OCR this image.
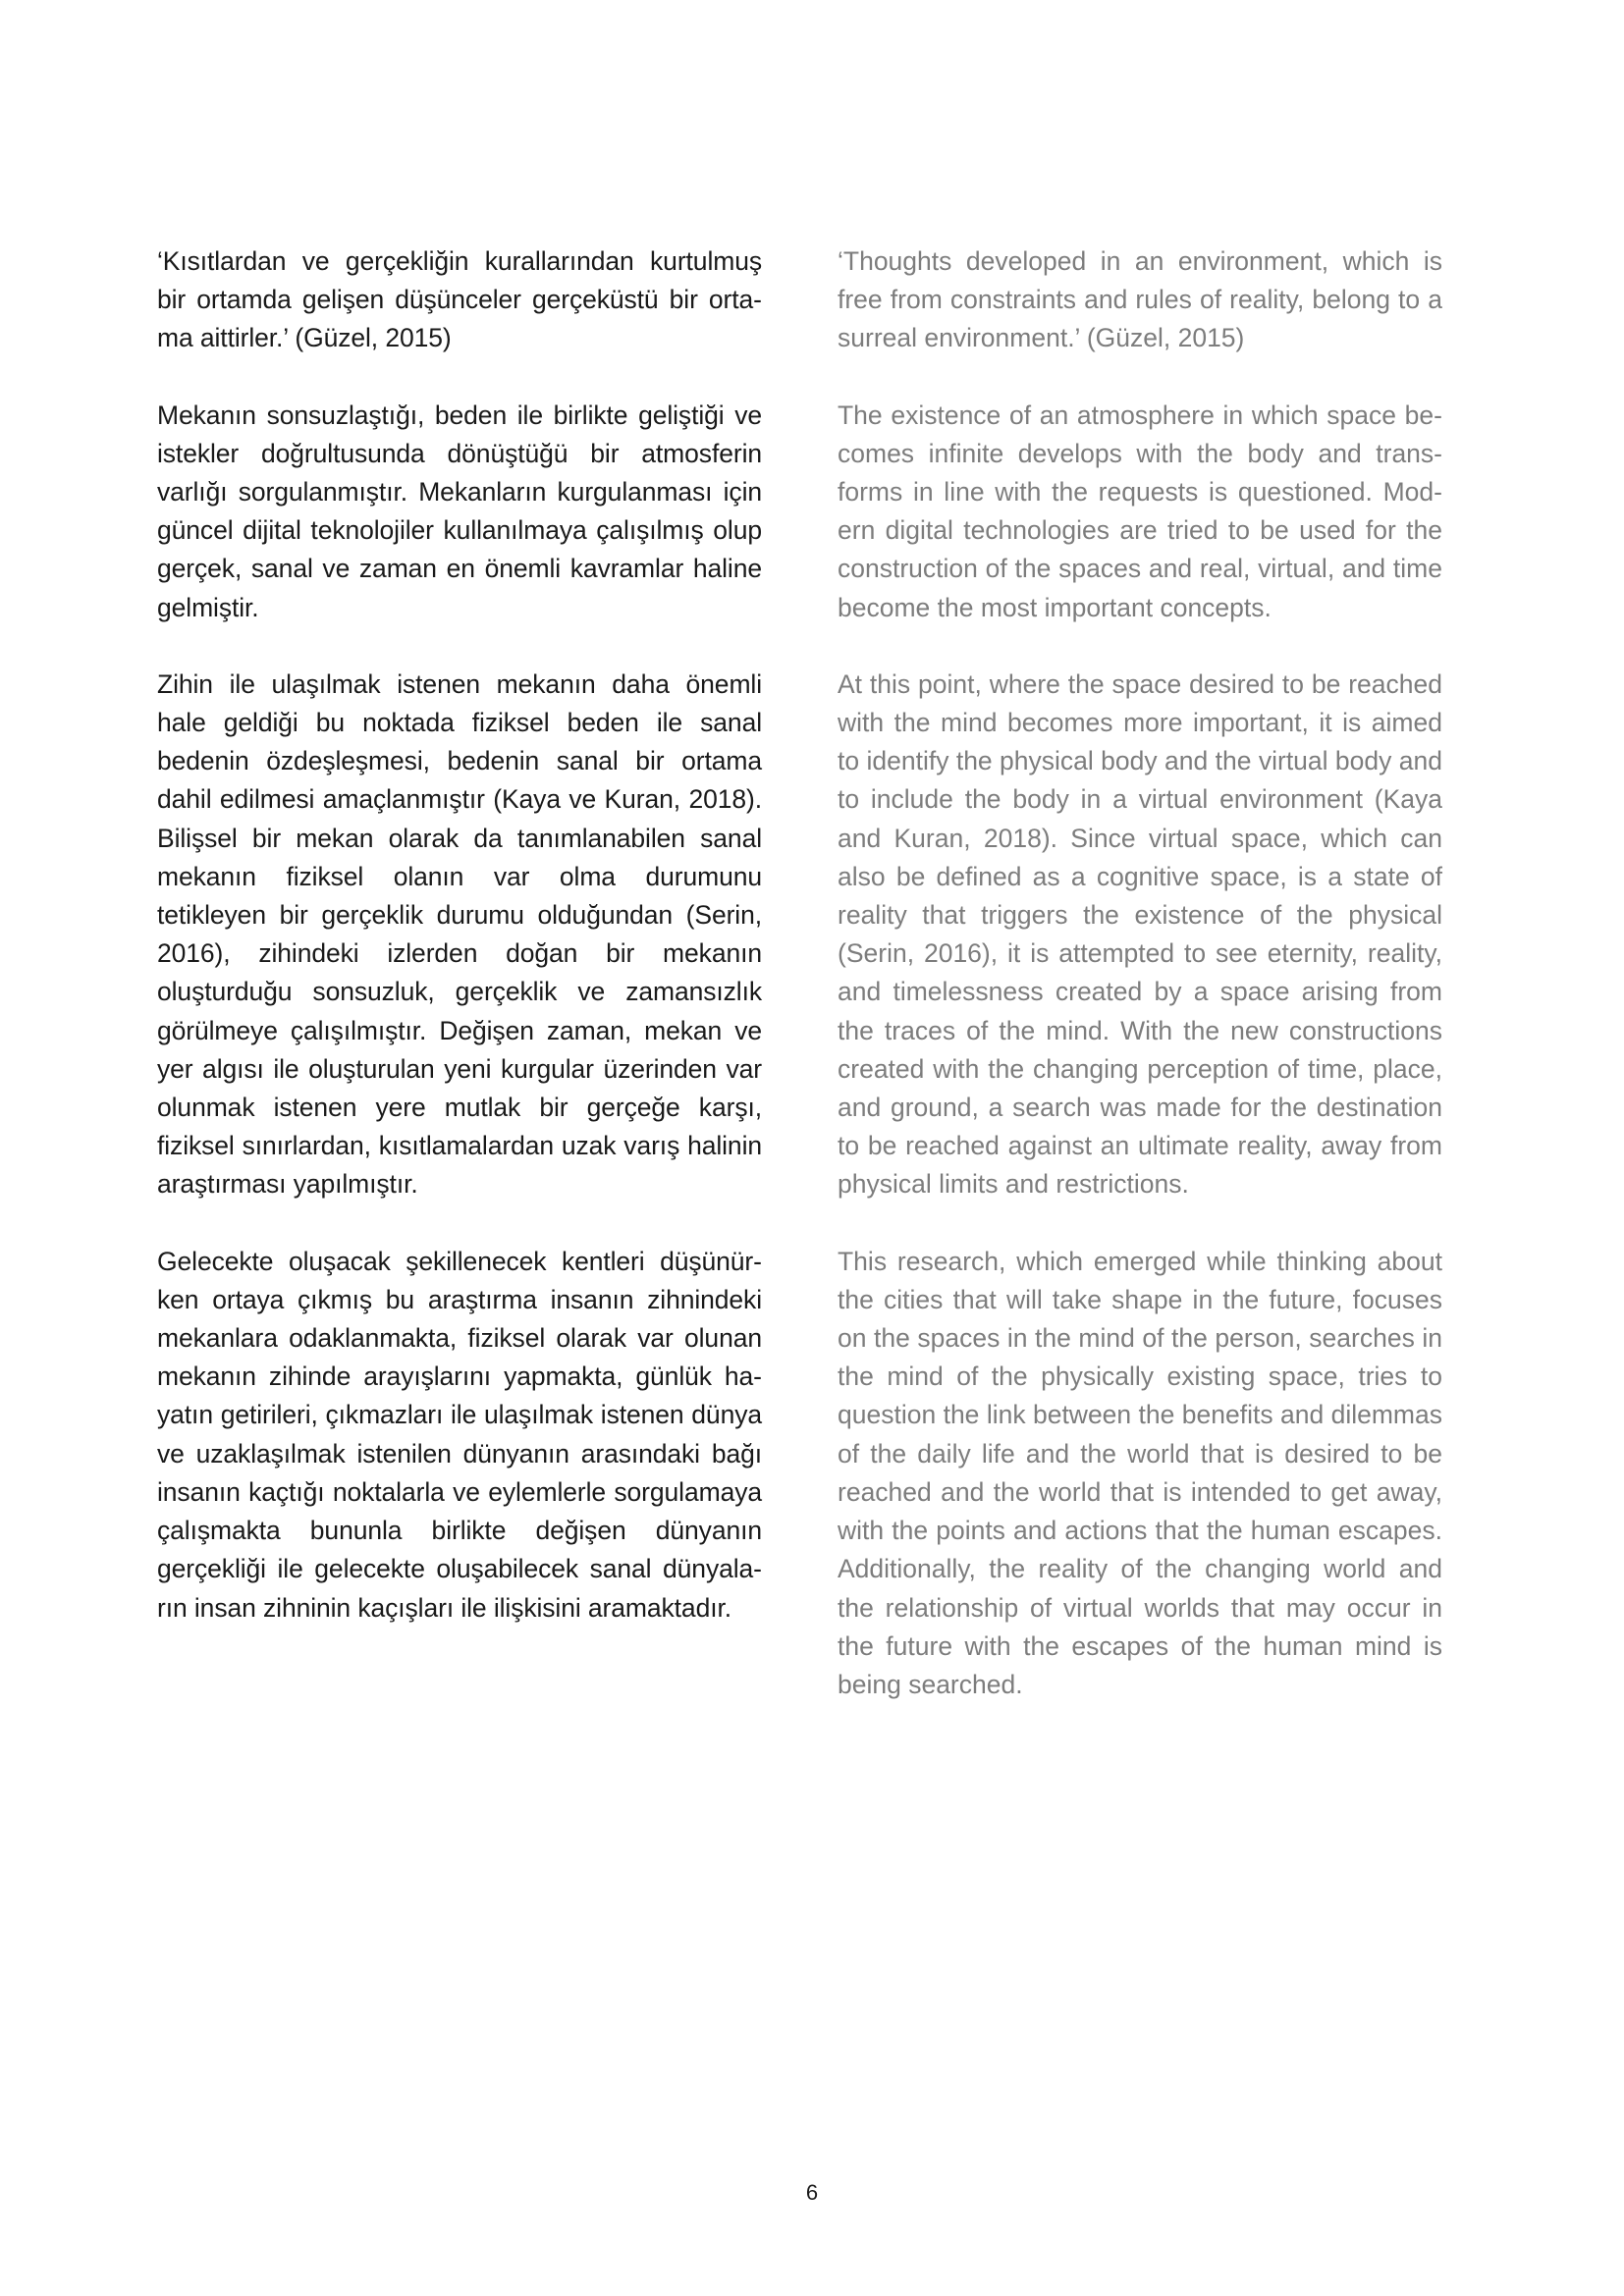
‘Kısıtlardan ve gerçekliğin kurallarından kurtulmuş bir ortamda gelişen düşünceler gerçeküstü bir ortama aittirler.’ (Güzel, 2015)

Mekanın sonsuzlaştığı, beden ile birlikte geliştiği ve istekler doğrultusunda dönüştüğü bir atmosferin varlığı sorgulanmıştır. Mekanların kurgulanması için güncel dijital teknolojiler kullanılmaya çalışılmış olup gerçek, sanal ve zaman en önemli kavramlar haline gelmiştir.

Zihin ile ulaşılmak istenen mekanın daha önemli hale geldiği bu noktada fiziksel beden ile sanal bedenin özdeşleşmesi, bedenin sanal bir ortama dahil edilmesi amaçlanmıştır (Kaya ve Kuran, 2018). Bilişsel bir mekan olarak da tanımlanabilen sanal mekanın fiziksel olanın var olma durumunu tetikleyen bir gerçeklik durumu olduğundan (Serin, 2016), zihindeki izlerden doğan bir mekanın oluşturduğu sonsuzluk, gerçeklik ve zamansızlık görülmeye çalışılmıştır. Değişen zaman, mekan ve yer algısı ile oluşturulan yeni kurgular üzerinden var olunmak istenen yere mutlak bir gerçeğe karşı, fiziksel sınırlardan, kısıtlamalardan uzak varış halinin araştırması yapılmıştır.

Gelecekte oluşacak şekillenecek kentleri düşünürken ortaya çıkmış bu araştırma insanın zihnindeki mekanlara odaklanmakta, fiziksel olarak var olunan mekanın zihinde arayışlarını yapmakta, günlük hayatın getirileri, çıkmazları ile ulaşılmak istenen dünya ve uzaklaşılmak istenilen dünyanın arasındaki bağı insanın kaçtığı noktalarla ve eylemlerle sorgulamaya çalışmakta bununla birlikte değişen dünyanın gerçekliği ile gelecekte oluşabilecek sanal dünyaların insan zihninin kaçışları ile ilişkisini aramaktadır.

‘Thoughts developed in an environment, which is free from constraints and rules of reality, belong to a surreal environment.’ (Güzel, 2015)

The existence of an atmosphere in which space becomes infinite develops with the body and transforms in line with the requests is questioned. Modern digital technologies are tried to be used for the construction of the spaces and real, virtual, and time become the most important concepts.

At this point, where the space desired to be reached with the mind becomes more important, it is aimed to identify the physical body and the virtual body and to include the body in a virtual environment (Kaya and Kuran, 2018). Since virtual space, which can also be defined as a cognitive space, is a state of reality that triggers the existence of the physical (Serin, 2016), it is attempted to see eternity, reality, and timelessness created by a space arising from the traces of the mind. With the new constructions created with the changing perception of time, place, and ground, a search was made for the destination to be reached against an ultimate reality, away from physical limits and restrictions.

This research, which emerged while thinking about the cities that will take shape in the future, focuses on the spaces in the mind of the person, searches in the mind of the physically existing space, tries to question the link between the benefits and dilemmas of the daily life and the world that is desired to be reached and the world that is intended to get away, with the points and actions that the human escapes. Additionally, the reality of the changing world and the relationship of virtual worlds that may occur in the future with the escapes of the human mind is being searched.

6
